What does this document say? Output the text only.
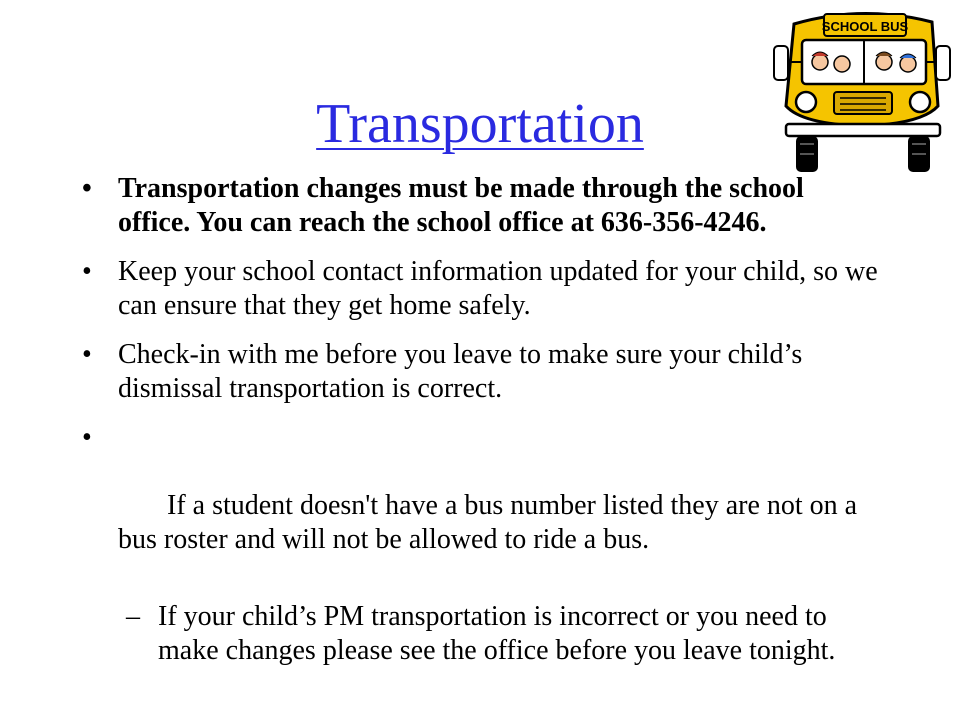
Transportation
SCHOOL BUS
• Transportation changes must be made through the school office. You can reach the school office at 636-356-4246.
• Keep your school contact information updated for your child, so we can ensure that they get home safely.
• Check-in with me before you leave to make sure your child’s dismissal transportation is correct.

•

If a student doesn't have a bus number listed they are not on a bus roster and will not be allowed to ride a bus.

– If your child’s PM transportation is incorrect or you need to make changes please see the office before you leave tonight.
